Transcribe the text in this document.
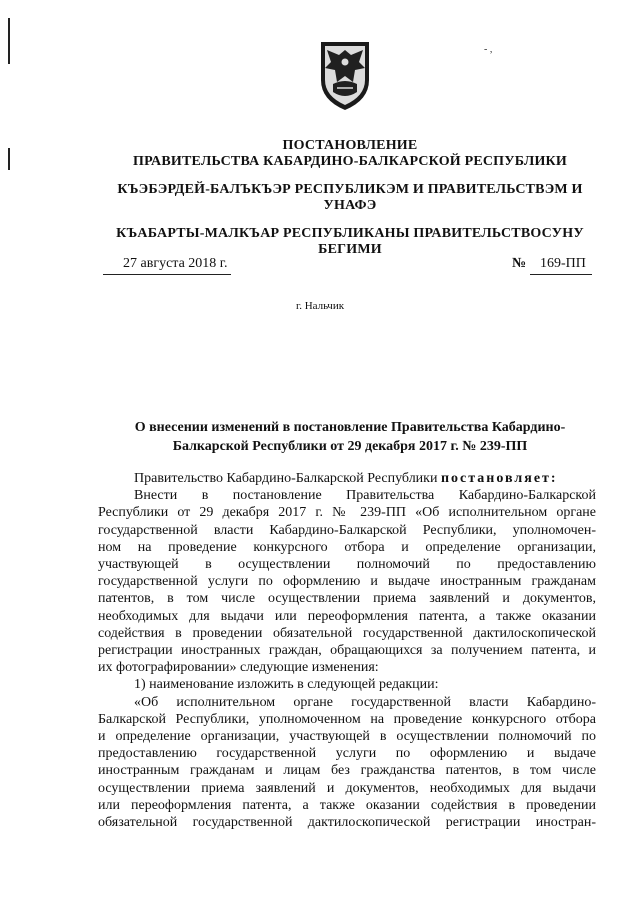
- ,
ПОСТАНОВЛЕНИЕ
ПРАВИТЕЛЬСТВА КАБАРДИНО-БАЛКАРСКОЙ РЕСПУБЛИКИ
КЪЭБЭРДЕЙ-БАЛЪКЪЭР РЕСПУБЛИКЭМ И ПРАВИТЕЛЬСТВЭМ И
УНАФЭ
КЪАБАРТЫ-МАЛКЪАР РЕСПУБЛИКАНЫ ПРАВИТЕЛЬСТВОСУНУ
БЕГИМИ
27 августа 2018 г.	№ 169-ПП
г. Нальчик
О внесении изменений в постановление Правительства Кабардино-
Балкарской Республики от 29 декабря 2017 г. № 239-ПП

Правительство Кабардино-Балкарской Республики постановляет:

Внести в постановление Правительства Кабардино-Балкарской

Республики от 29 декабря 2017 г. № 239-ПП «Об исполнительном органе

государственной власти Кабардино-Балкарской Республики, уполномочен-

ном на проведение конкурсного отбора и определение организации,

участвующей в осуществлении полномочий по предоставлению

государственной услуги по оформлению и выдаче иностранным гражданам

патентов, в том числе осуществлении приема заявлений и документов,

необходимых для выдачи или переоформления патента, а также оказании

содействия в проведении обязательной государственной дактилоскопической

регистрации иностранных граждан, обращающихся за получением патента, и

их фотографировании» следующие изменения:

1) наименование изложить в следующей редакции:

«Об исполнительном органе государственной власти Кабардино-

Балкарской Республики, уполномоченном на проведение конкурсного отбора

и определение организации, участвующей в осуществлении полномочий по

предоставлению государственной услуги по оформлению и выдаче

иностранным гражданам и лицам без гражданства патентов, в том числе

осуществлении приема заявлений и документов, необходимых для выдачи

или переоформления патента, а также оказании содействия в проведении

обязательной государственной дактилоскопической регистрации иностран-
